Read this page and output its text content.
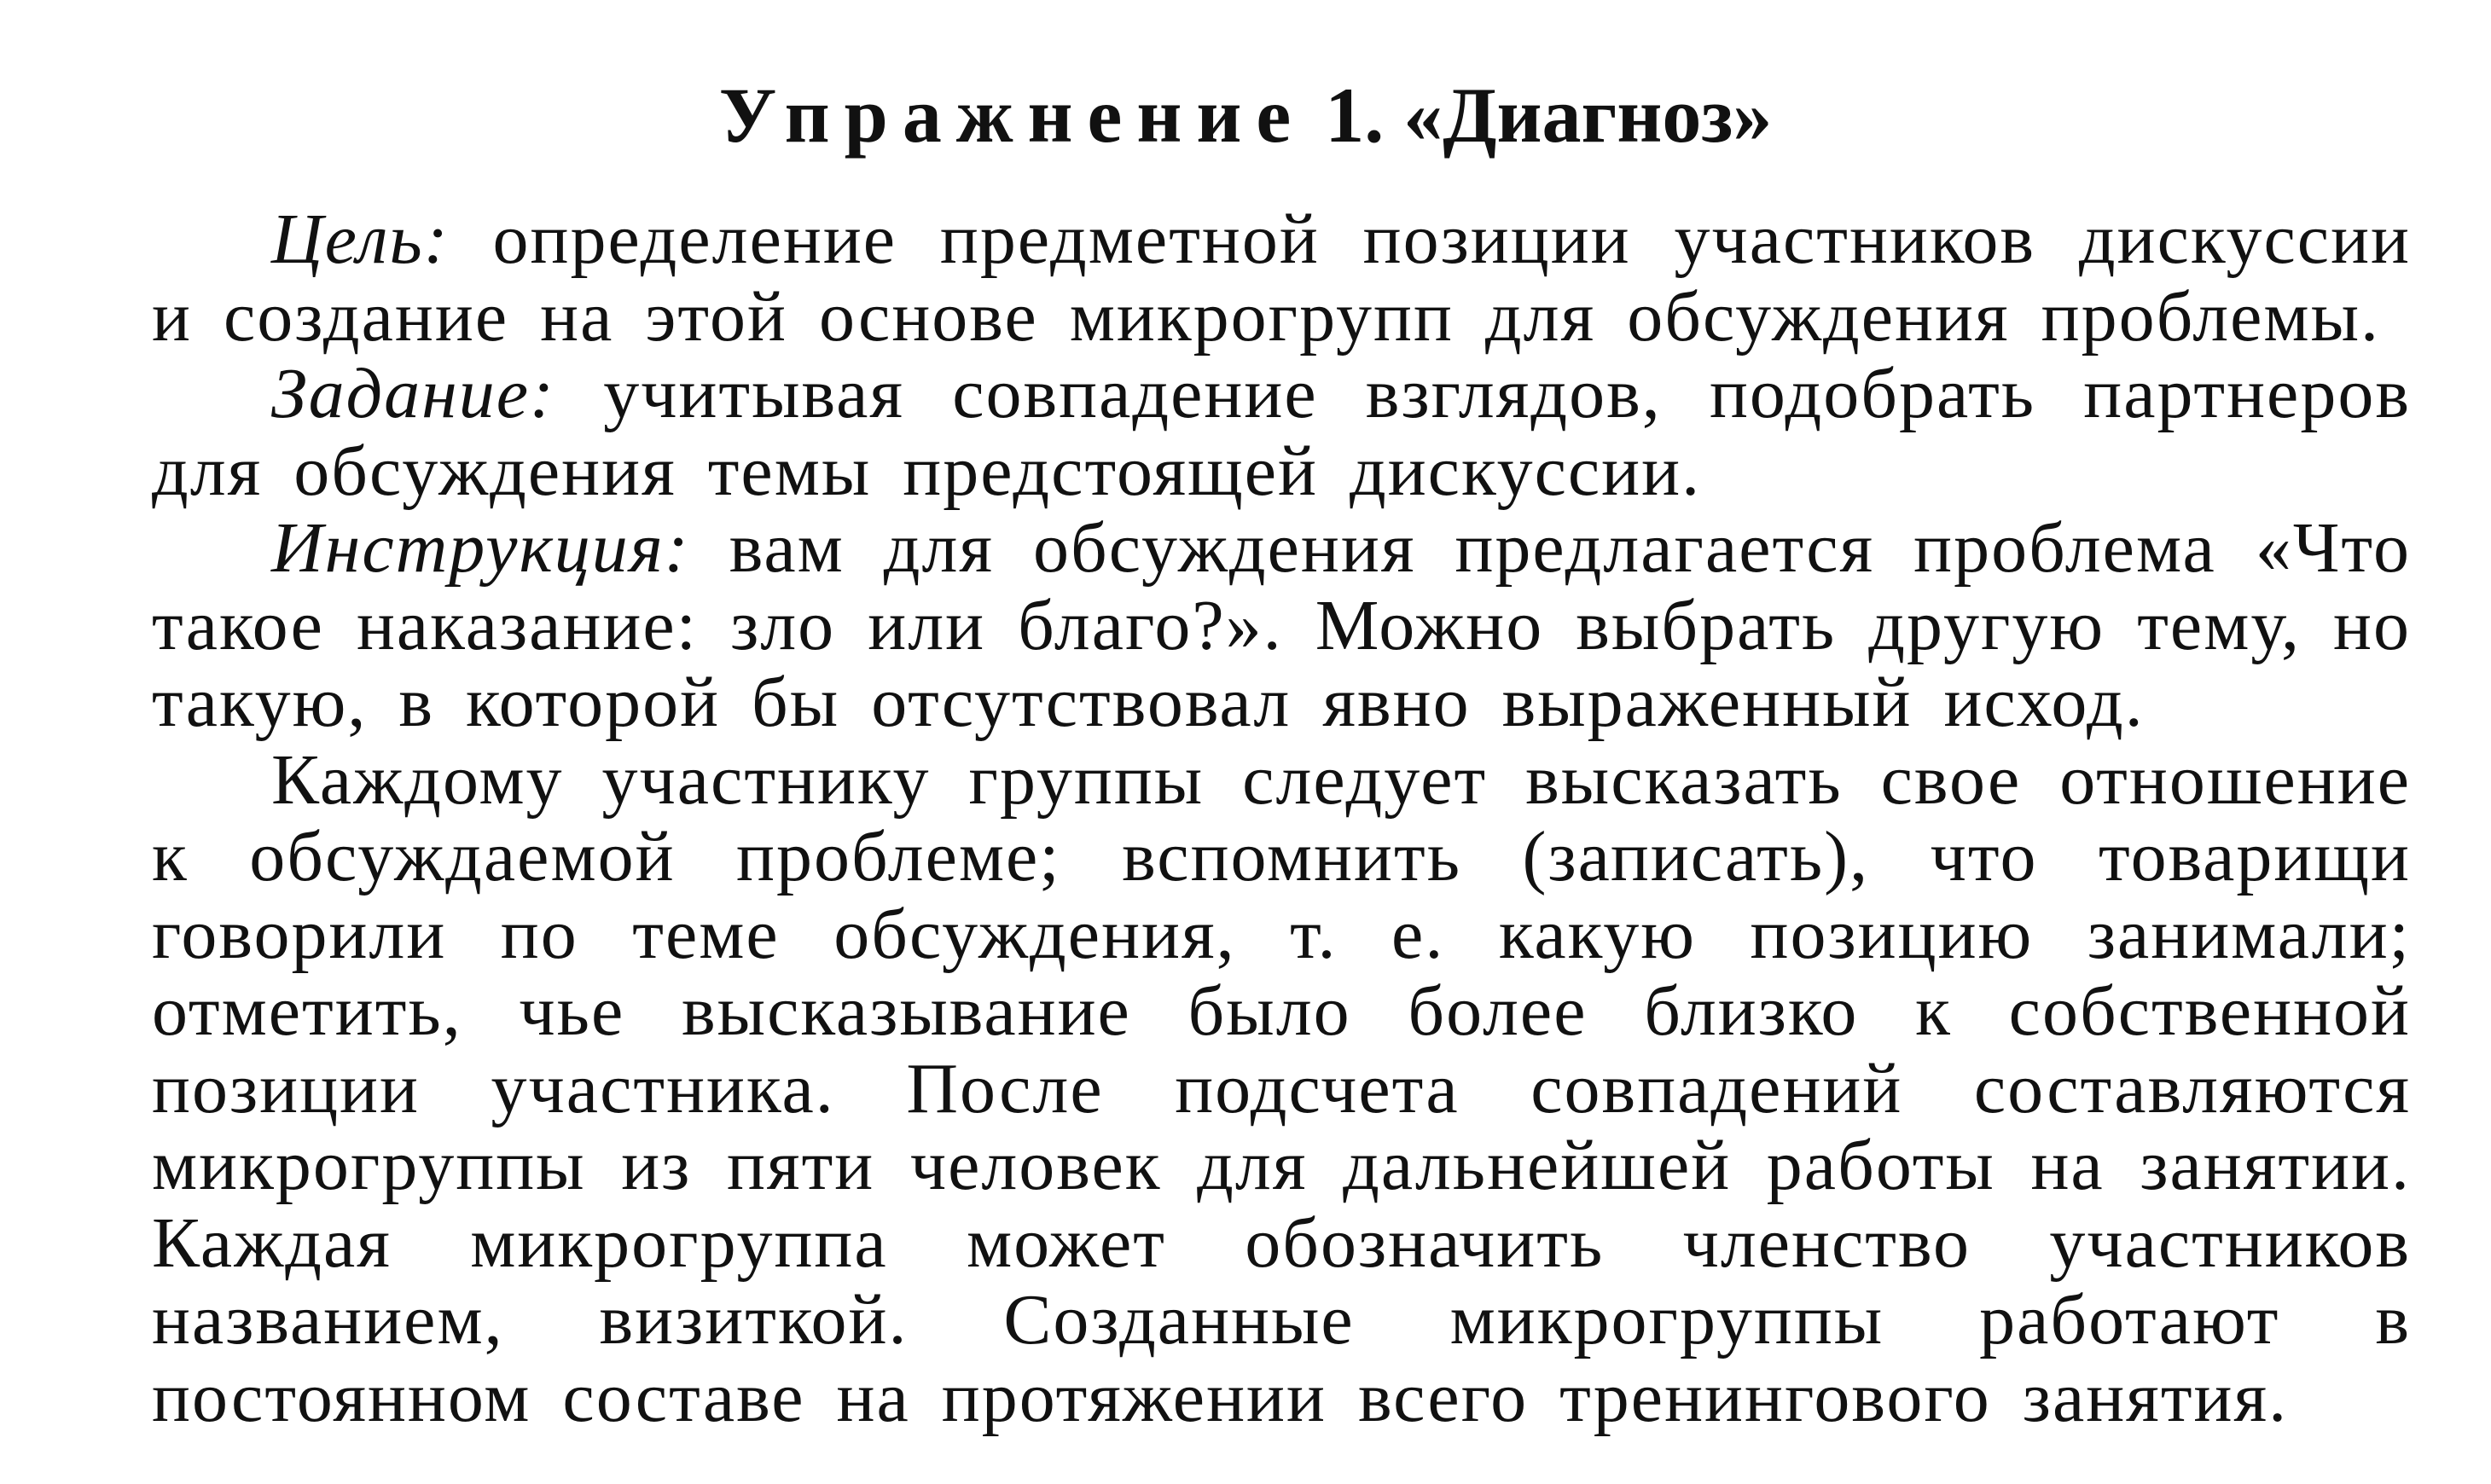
Упражнение 1. «Диагноз»

Цель: определение предметной позиции участников дискуссии и создание на этой основе микрогрупп для обсуждения проблемы.

Задание: учитывая совпадение взглядов, подобрать партнеров для обсуждения темы предстоящей дискуссии.

Инструкция: вам для обсуждения предлагается проблема «Что такое наказание: зло или благо?». Можно выбрать другую тему, но такую, в которой бы отсутствовал явно выраженный исход.

Каждому участнику группы следует высказать свое отношение к обсуждаемой проблеме; вспомнить (записать), что товарищи говорили по теме обсуждения, т. е. какую позицию занимали; отметить, чье высказывание было более близко к собственной позиции участника. После подсчета совпадений составляются микрогруппы из пяти человек для дальнейшей работы на занятии. Каждая микрогруппа может обозначить членство участников названием, визиткой. Созданные микрогруппы работают в постоянном составе на протяжении всего тренингового занятия.
